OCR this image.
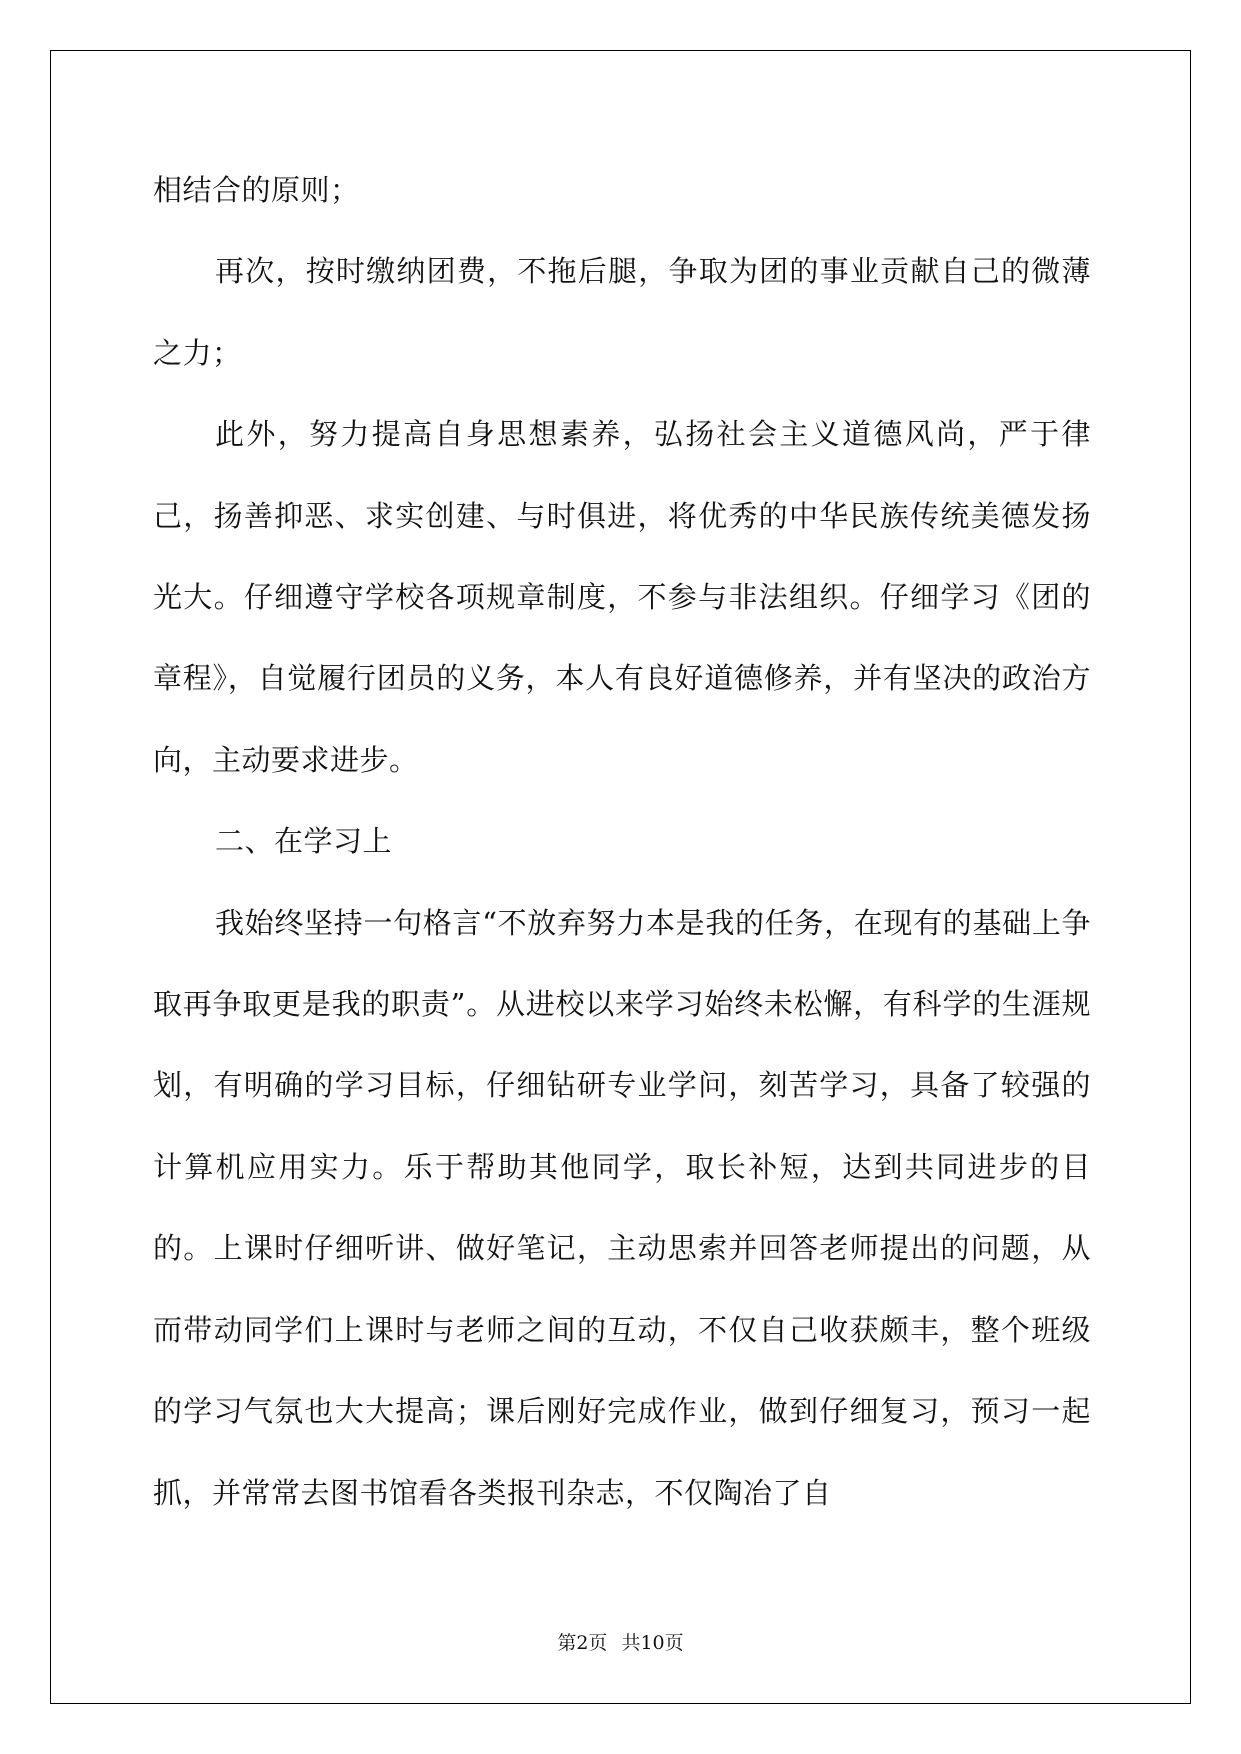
相结合的原则；

再次，按时缴纳团费，不拖后腿，争取为团的事业贡献自己的微薄之力；

此外，努力提高自身思想素养，弘扬社会主义道德风尚，严于律己，扬善抑恶、求实创建、与时俱进，将优秀的中华民族传统美德发扬光大。仔细遵守学校各项规章制度，不参与非法组织。仔细学习《团的章程》，自觉履行团员的义务，本人有良好道德修养，并有坚决的政治方向，主动要求进步。

二、在学习上

我始终坚持一句格言“不放弃努力本是我的任务，在现有的基础上争取再争取更是我的职责”。从进校以来学习始终未松懈，有科学的生涯规划，有明确的学习目标，仔细钻研专业学问，刻苦学习，具备了较强的计算机应用实力。乐于帮助其他同学，取长补短，达到共同进步的目的。上课时仔细听讲、做好笔记，主动思索并回答老师提出的问题，从而带动同学们上课时与老师之间的互动，不仅自己收获颇丰，整个班级的学习气氛也大大提高；课后刚好完成作业，做到仔细复习，预习一起抓，并常常去图书馆看各类报刊杂志，不仅陶冶了自

第2页 共10页
